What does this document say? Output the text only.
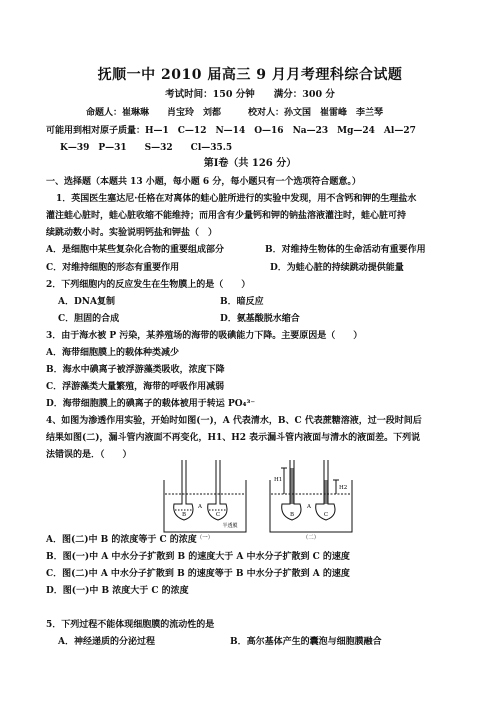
抚顺一中 2010 届高三 9 月月考理科综合试题
考试时间：150 分钟　　满分：300 分
命题人：崔琳琳　　肖宝玲　刘都　　　校对人：孙文国　崔雷峰　李兰琴
可能用到相对原子质量：H—1　C—12　N—14　O—16　Na—23　Mg—24　Al—27
K—39　P—31　　S—32　　Cl—35.5
第Ⅰ卷（共 126 分）
一、选择题（本题共 13 小题，每小题 6 分，每小题只有一个选项符合题意。）
1．英国医生塞达尼·任格在对离体的蛙心脏所进行的实验中发现，用不含钙和钾的生理盐水
灌注蛙心脏时，蛙心脏收缩不能维持；而用含有少量钙和钾的钠盐溶液灌注时，蛙心脏可持
续跳动数小时。实验说明钙盐和钾盐（　）
A．是细胞中某些复杂化合物的重要组成部分	B．对维持生物体的生命活动有重要作用
C．对维持细胞的形态有重要作用	D．为蛙心脏的持续跳动提供能量
2．下列细胞内的反应发生在生物膜上的是（　　）
A．DNA复制	B．暗反应
C．胆固的合成	D．氨基酸脱水缩合
3．由于海水被 P 污染，某养殖场的海带的吸碘能力下降。主要原因是（　　）
A．海带细胞膜上的载体种类减少
B．海水中碘离子被浮游藻类吸收，浓度下降
C．浮游藻类大量繁殖，海带的呼吸作用减弱
D．海带细胞膜上的碘离子的载体被用于转运 PO₄³⁻
4、如图为渗透作用实验，开始时如图(一)，A 代表清水，B、C 代表蔗糖溶液，过一段时间后
结果如图(二)，漏斗管内液面不再变化，H1、H2 表示漏斗管内液面与清水的液面差。下列说
法错误的是．（　　）
B	C
A
半透膜
（一）
H1
H2
B	C
A
（二）
A．图(二)中 B 的浓度等于 C 的浓度
B．图(一)中 A 中水分子扩散到 B 的速度大于 A 中水分子扩散到 C 的速度
C．图(二)中 A 中水分子扩散到 B 的速度等于 B 中水分子扩散到 A 的速度
D．图(一)中 B 浓度大于 C 的浓度
5．下列过程不能体现细胞膜的流动性的是
A．神经递质的分泌过程	B．高尔基体产生的囊泡与细胞膜融合
